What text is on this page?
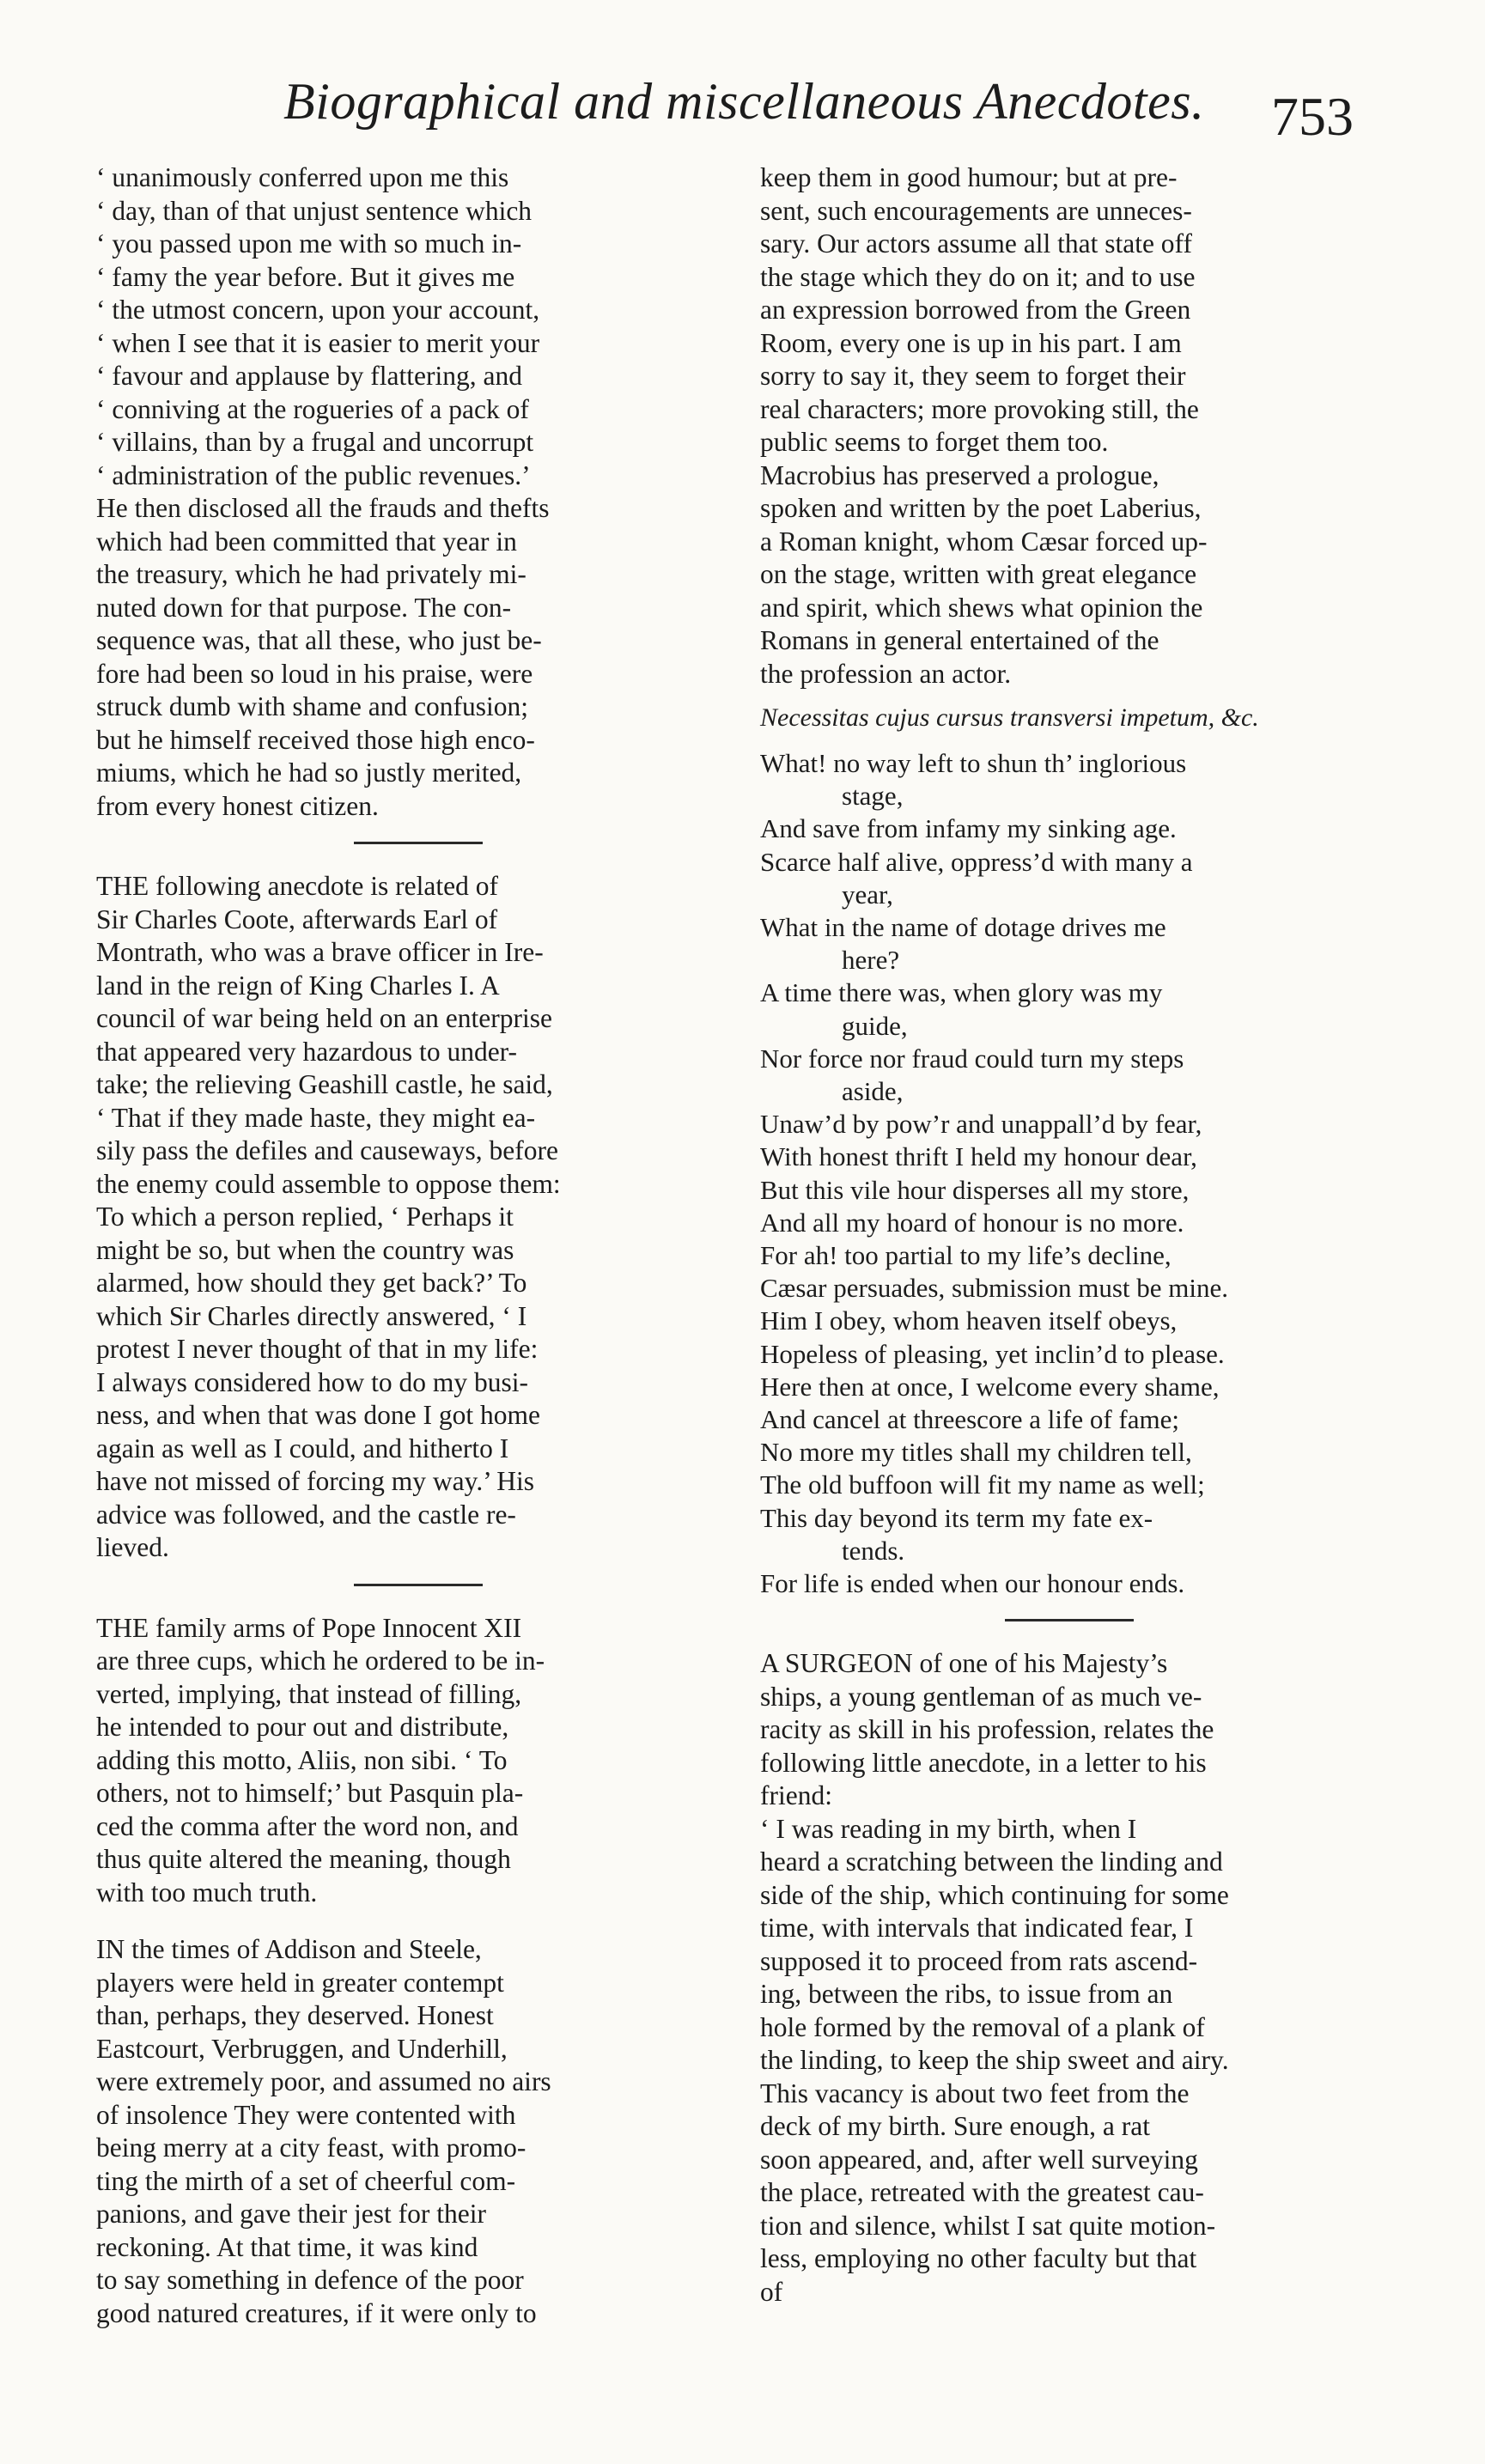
Biographical and miscellaneous Anecdotes.	753
‘ unanimously conferred upon me this
‘ day, than of that unjust sentence which
‘ you passed upon me with so much in-
‘ famy the year before. But it gives me
‘ the utmost concern, upon your account,
‘ when I see that it is easier to merit your
‘ favour and applause by flattering, and
‘ conniving at the rogueries of a pack of
‘ villains, than by a frugal and uncorrupt
‘ administration of the public revenues.’
He then disclosed all the frauds and thefts
which had been committed that year in
the treasury, which he had privately mi-
nuted down for that purpose. The con-
sequence was, that all these, who just be-
fore had been so loud in his praise, were
struck dumb with shame and confusion;
but he himself received those high enco-
miums, which he had so justly merited,
from every honest citizen.
THE following anecdote is related of
Sir Charles Coote, afterwards Earl of
Montrath, who was a brave officer in Ire-
land in the reign of King Charles I. A
council of war being held on an enterprise
that appeared very hazardous to under-
take; the relieving Geashill castle, he said,
‘ That if they made haste, they might ea-
sily pass the defiles and causeways, before
the enemy could assemble to oppose them:
To which a person replied, ‘ Perhaps it
might be so, but when the country was
alarmed, how should they get back?’ To
which Sir Charles directly answered, ‘ I
protest I never thought of that in my life:
I always considered how to do my busi-
ness, and when that was done I got home
again as well as I could, and hitherto I
have not missed of forcing my way.’ His
advice was followed, and the castle re-
lieved.
THE family arms of Pope Innocent XII
are three cups, which he ordered to be in-
verted, implying, that instead of filling,
he intended to pour out and distribute,
adding this motto, Aliis, non sibi. ‘ To
others, not to himself;’ but Pasquin pla-
ced the comma after the word non, and
thus quite altered the meaning, though
with too much truth.
IN the times of Addison and Steele,
players were held in greater contempt
than, perhaps, they deserved. Honest
Eastcourt, Verbruggen, and Underhill,
were extremely poor, and assumed no airs
of insolence They were contented with
being merry at a city feast, with promo-
ting the mirth of a set of cheerful com-
panions, and gave their jest for their
reckoning. At that time, it was kind
to say something in defence of the poor
good natured creatures, if it were only to
keep them in good humour; but at pre-
sent, such encouragements are unneces-
sary. Our actors assume all that state off
the stage which they do on it; and to use
an expression borrowed from the Green
Room, every one is up in his part. I am
sorry to say it, they seem to forget their
real characters; more provoking still, the
public seems to forget them too.
Macrobius has preserved a prologue,
spoken and written by the poet Laberius,
a Roman knight, whom Cæsar forced up-
on the stage, written with great elegance
and spirit, which shews what opinion the
Romans in general entertained of the
the profession an actor.
Necessitas cujus cursus transversi impetum, &c.
What! no way left to shun th’ inglorious
stage,
And save from infamy my sinking age.
Scarce half alive, oppress’d with many a
year,
What in the name of dotage drives me
here?
A time there was, when glory was my
guide,
Nor force nor fraud could turn my steps
aside,
Unaw’d by pow’r and unappall’d by fear,
With honest thrift I held my honour dear,
But this vile hour disperses all my store,
And all my hoard of honour is no more.
For ah! too partial to my life’s decline,
Cæsar persuades, submission must be mine.
Him I obey, whom heaven itself obeys,
Hopeless of pleasing, yet inclin’d to please.
Here then at once, I welcome every shame,
And cancel at threescore a life of fame;
No more my titles shall my children tell,
The old buffoon will fit my name as well;
This day beyond its term my fate ex-
tends.
For life is ended when our honour ends.
A SURGEON of one of his Majesty’s
ships, a young gentleman of as much ve-
racity as skill in his profession, relates the
following little anecdote, in a letter to his
friend:
‘ I was reading in my birth, when I
heard a scratching between the linding and
side of the ship, which continuing for some
time, with intervals that indicated fear, I
supposed it to proceed from rats ascend-
ing, between the ribs, to issue from an
hole formed by the removal of a plank of
the linding, to keep the ship sweet and airy.
This vacancy is about two feet from the
deck of my birth. Sure enough, a rat
soon appeared, and, after well surveying
the place, retreated with the greatest cau-
tion and silence, whilst I sat quite motion-
less, employing no other faculty but that
of
